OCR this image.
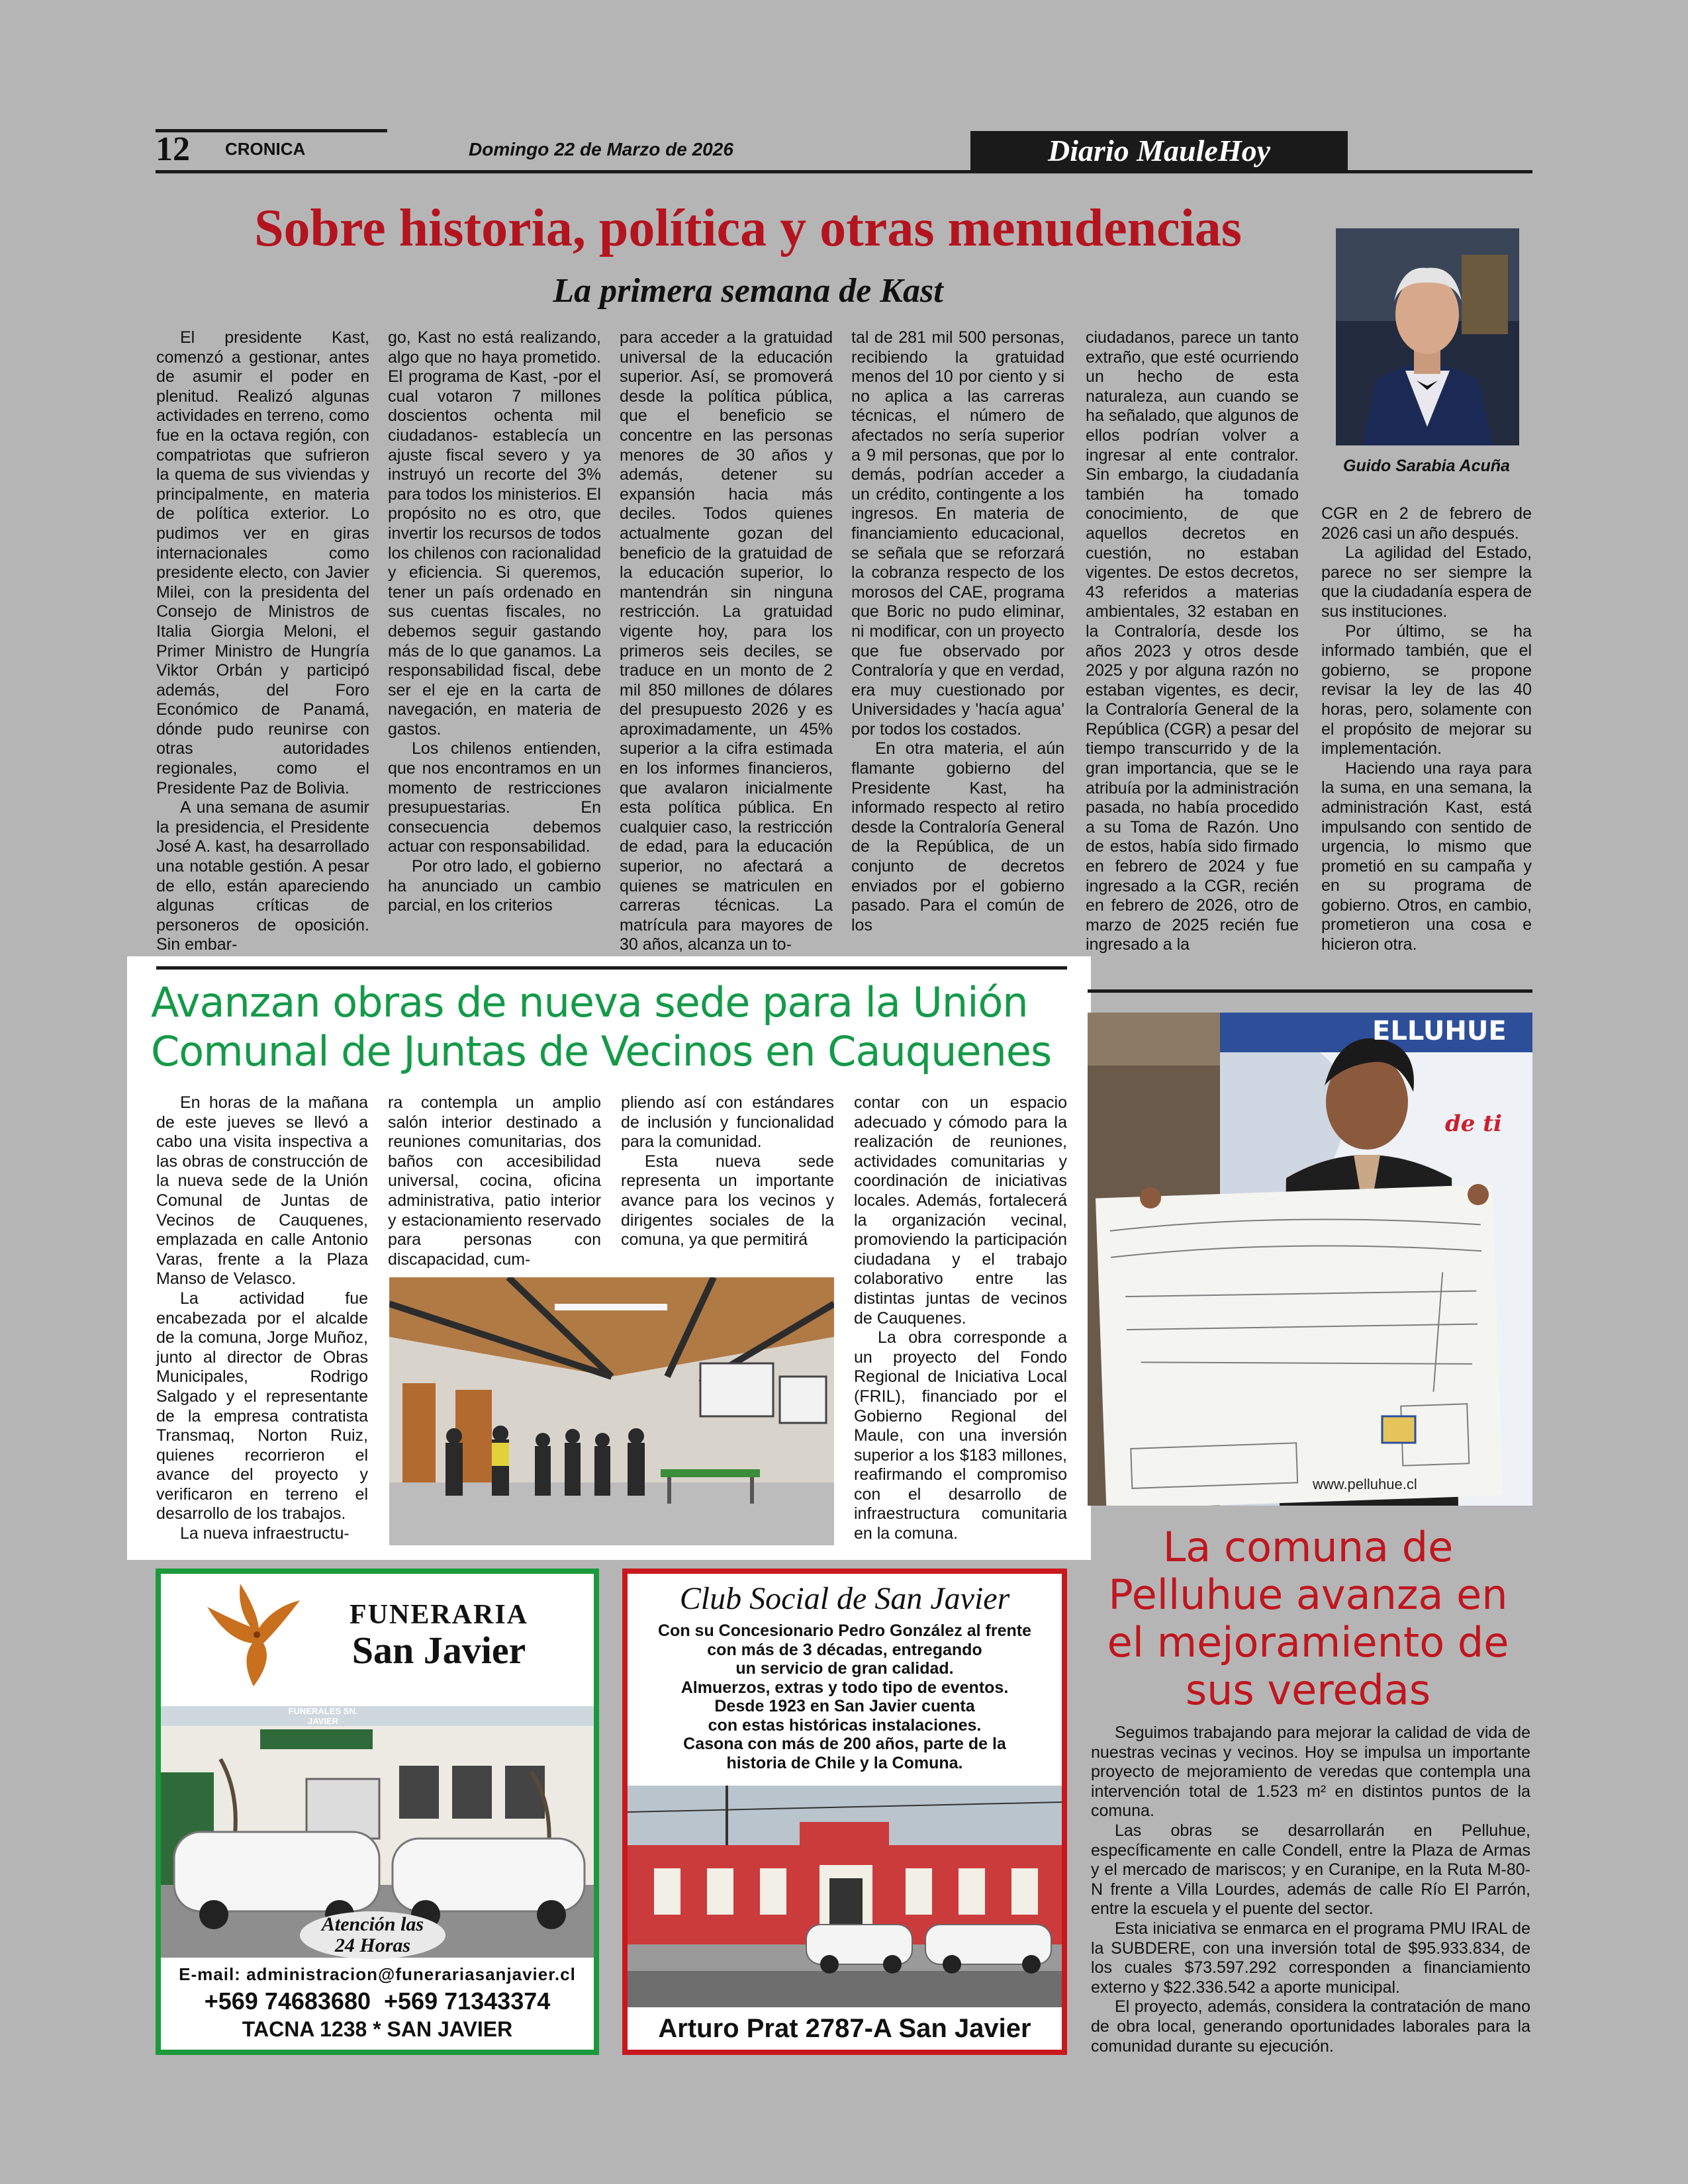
12 CRONICA	Domingo 22 de Marzo de 2026	Diario MauleHoy
Sobre historia, política y otras menudencias
La primera semana de Kast
Guido Sarabia Acuña

El presidente Kast, comenzó a gestionar, antes de asumir el poder en plenitud. Realizó algunas actividades en terreno, como fue en la octava región, con compatriotas que sufrieron la quema de sus viviendas y principalmente, en materia de política exterior. Lo pudimos ver en giras internacionales como presidente electo, con Javier Milei, con la presidenta del Consejo de Ministros de Italia Giorgia Meloni, el Primer Ministro de Hungría Viktor Orbán y participó además, del Foro Económico de Panamá, dónde pudo reunirse con otras autoridades regionales, como el Presidente Paz de Bolivia.

A una semana de asumir la presidencia, el Presidente José A. kast, ha desarrollado una notable gestión. A pesar de ello, están apareciendo algunas críticas de personeros de oposición. Sin embar-

go, Kast no está realizando, algo que no haya prometido. El programa de Kast, -por el cual votaron 7 millones doscientos ochenta mil ciudadanos- establecía un ajuste fiscal severo y ya instruyó un recorte del 3% para todos los ministerios. El propósito no es otro, que invertir los recursos de todos los chilenos con racionalidad y eficiencia. Si queremos, tener un país ordenado en sus cuentas fiscales, no debemos seguir gastando más de lo que ganamos. La responsabilidad fiscal, debe ser el eje en la carta de navegación, en materia de gastos.

Los chilenos entienden, que nos encontramos en un momento de restricciones presupuestarias. En consecuencia debemos actuar con responsabilidad.

Por otro lado, el gobierno ha anunciado un cambio parcial, en los criterios

para acceder a la gratuidad universal de la educación superior. Así, se promoverá desde la política pública, que el beneficio se concentre en las personas menores de 30 años y además, detener su expansión hacia más deciles. Todos quienes actualmente gozan del beneficio de la gratuidad de la educación superior, lo mantendrán sin ninguna restricción. La gratuidad vigente hoy, para los primeros seis deciles, se traduce en un monto de 2 mil 850 millones de dólares del presupuesto 2026 y es aproximadamente, un 45% superior a la cifra estimada en los informes financieros, que avalaron inicialmente esta política pública. En cualquier caso, la restricción de edad, para la educación superior, no afectará a quienes se matriculen en carreras técnicas. La matrícula para mayores de 30 años, alcanza un to-

tal de 281 mil 500 personas, recibiendo la gratuidad menos del 10 por ciento y si no aplica a las carreras técnicas, el número de afectados no sería superior a 9 mil personas, que por lo demás, podrían acceder a un crédito, contingente a los ingresos. En materia de financiamiento educacional, se señala que se reforzará la cobranza respecto de los morosos del CAE, programa que Boric no pudo eliminar, ni modificar, con un proyecto que fue observado por Contraloría y que en verdad, era muy cuestionado por Universidades y 'hacía agua' por todos los costados.

En otra materia, el aún flamante gobierno del Presidente Kast, ha informado respecto al retiro desde la Contraloría General de la República, de un conjunto de decretos enviados por el gobierno pasado. Para el común de los

ciudadanos, parece un tanto extraño, que esté ocurriendo un hecho de esta naturaleza, aun cuando se ha señalado, que algunos de ellos podrían volver a ingresar al ente contralor. Sin embargo, la ciudadanía también ha tomado conocimiento, de que aquellos decretos en cuestión, no estaban vigentes. De estos decretos, 43 referidos a materias ambientales, 32 estaban en la Contraloría, desde los años 2023 y otros desde 2025 y por alguna razón no estaban vigentes, es decir, la Contraloría General de la República (CGR) a pesar del tiempo transcurrido y de la gran importancia, que se le atribuía por la administración pasada, no había procedido a su Toma de Razón. Uno de estos, había sido firmado en febrero de 2024 y fue ingresado a la CGR, recién en febrero de 2026, otro de marzo de 2025 recién fue ingresado a la

CGR en 2 de febrero de 2026 casi un año después.

La agilidad del Estado, parece no ser siempre la que la ciudadanía espera de sus instituciones.

Por último, se ha informado también, que el gobierno, se propone revisar la ley de las 40 horas, pero, solamente con el propósito de mejorar su implementación.

Haciendo una raya para la suma, en una semana, la administración Kast, está impulsando con sentido de urgencia, lo mismo que prometió en su campaña y en su programa de gobierno. Otros, en cambio, prometieron una cosa e hicieron otra.

Avanzan obras de nueva sede para la Unión
Comunal de Juntas de Vecinos en Cauquenes

En horas de la mañana de este jueves se llevó a cabo una visita inspectiva a las obras de construcción de la nueva sede de la Unión Comunal de Juntas de Vecinos de Cauquenes, emplazada en calle Antonio Varas, frente a la Plaza Manso de Velasco.

La actividad fue encabezada por el alcalde de la comuna, Jorge Muñoz, junto al director de Obras Municipales, Rodrigo Salgado y el representante de la empresa contratista Transmaq, Norton Ruiz, quienes recorrieron el avance del proyecto y verificaron en terreno el desarrollo de los trabajos.

La nueva infraestructu-

ra contempla un amplio salón interior destinado a reuniones comunitarias, dos baños con accesibilidad universal, cocina, oficina administrativa, patio interior y estacionamiento reservado para personas con discapacidad, cum-

pliendo así con estándares de inclusión y funcionalidad para la comunidad.

Esta nueva sede representa un importante avance para los vecinos y dirigentes sociales de la comuna, ya que permitirá

contar con un espacio adecuado y cómodo para la realización de reuniones, actividades comunitarias y coordinación de iniciativas locales. Además, fortalecerá la organización vecinal, promoviendo la participación ciudadana y el trabajo colaborativo entre las distintas juntas de vecinos de Cauquenes.

La obra corresponde a un proyecto del Fondo Regional de Iniciativa Local (FRIL), financiado por el Gobierno Regional del Maule, con una inversión superior a los $183 millones, reafirmando el compromiso con el desarrollo de infraestructura comunitaria en la comuna.

ELLUHUE
de ti
www.pelluhue.cl
La comuna de Pelluhue avanza en el mejoramiento de sus veredas

Seguimos trabajando para mejorar la calidad de vida de nuestras vecinas y vecinos. Hoy se impulsa un importante proyecto de mejoramiento de veredas que contempla una intervención total de 1.523 m² en distintos puntos de la comuna.

Las obras se desarrollarán en Pelluhue, específicamente en calle Condell, entre la Plaza de Armas y el mercado de mariscos; y en Curanipe, en la Ruta M-80-N frente a Villa Lourdes, además de calle Río El Parrón, entre la escuela y el puente del sector.

Esta iniciativa se enmarca en el programa PMU IRAL de la SUBDERE, con una inversión total de $95.933.834, de los cuales $73.597.292 corresponden a financiamiento externo y $22.336.542 a aporte municipal.

El proyecto, además, considera la contratación de mano de obra local, generando oportunidades laborales para la comunidad durante su ejecución.

FUNERARIA
San Javier
FUNERALES SN. JAVIER
Atención las
24 Horas
E-mail: administracion@funerariasanjavier.cl
+569 74683680  +569 71343374
TACNA 1238 * SAN JAVIER
Club Social de San Javier
Con su Concesionario Pedro González al frente
con más de 3 décadas, entregando
un servicio de gran calidad.
Almuerzos, extras y todo tipo de eventos.
Desde 1923 en San Javier cuenta
con estas históricas instalaciones.
Casona con más de 200 años, parte de la
historia de Chile y la Comuna.
Arturo Prat 2787-A San Javier
